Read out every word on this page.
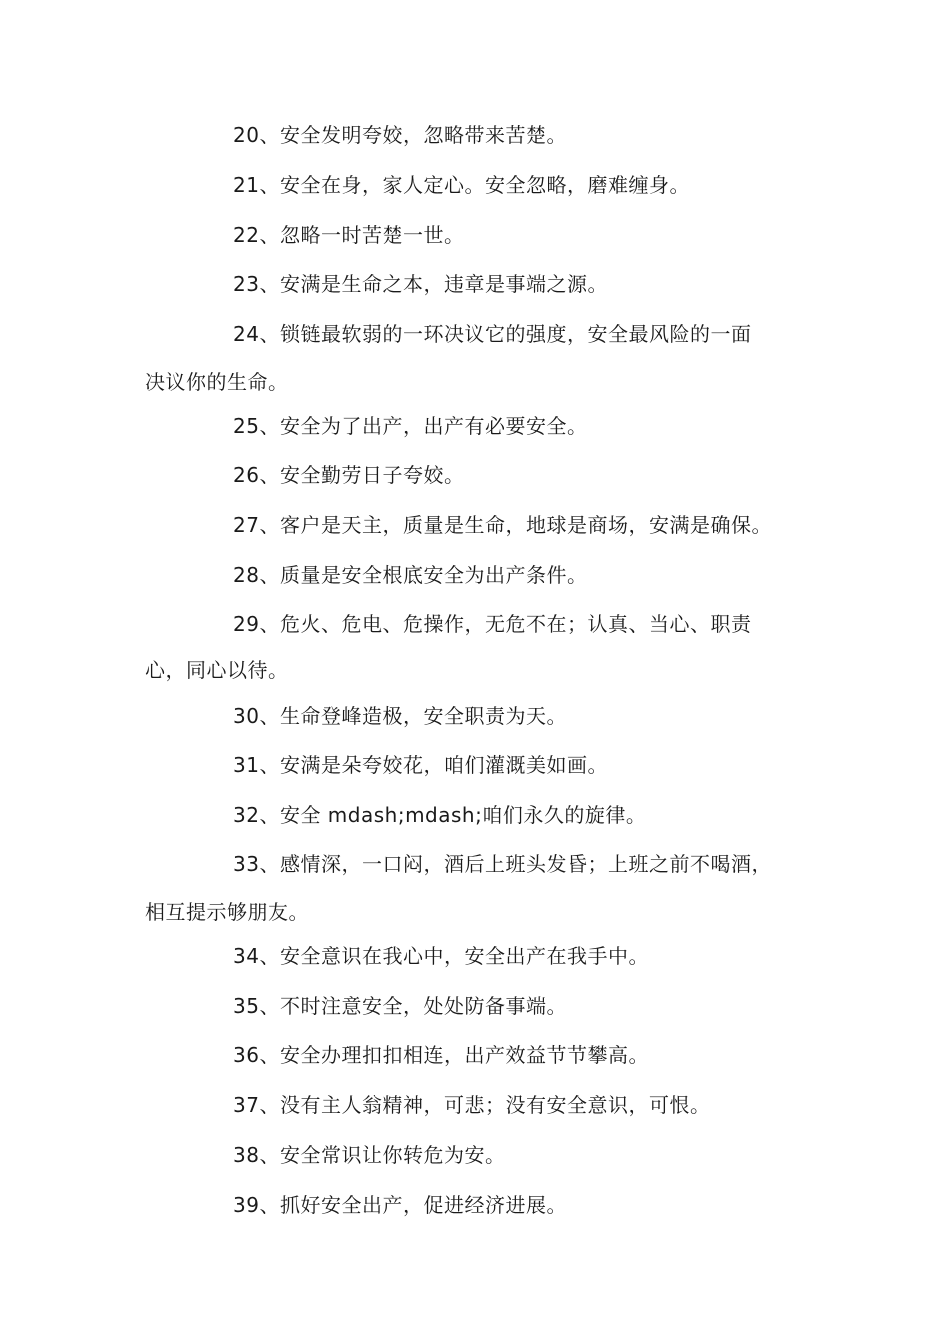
20、安全发明夸姣，忽略带来苦楚。
21、安全在身，家人定心。安全忽略，磨难缠身。
22、忽略一时苦楚一世。
23、安满是生命之本，违章是事端之源。
24、锁链最软弱的一环决议它的强度，安全最风险的一面
决议你的生命。
25、安全为了出产，出产有必要安全。
26、安全勤劳日子夸姣。
27、客户是天主，质量是生命，地球是商场，安满是确保。
28、质量是安全根底安全为出产条件。
29、危火、危电、危操作，无危不在；认真、当心、职责
心，同心以待。
30、生命登峰造极，安全职责为天。
31、安满是朵夸姣花，咱们灌溉美如画。
32、安全 mdash;mdash;咱们永久的旋律。
33、感情深，一口闷，酒后上班头发昏；上班之前不喝酒，
相互提示够朋友。
34、安全意识在我心中，安全出产在我手中。
35、不时注意安全，处处防备事端。
36、安全办理扣扣相连，出产效益节节攀高。
37、没有主人翁精神，可悲；没有安全意识，可恨。
38、安全常识让你转危为安。
39、抓好安全出产，促进经济进展。
